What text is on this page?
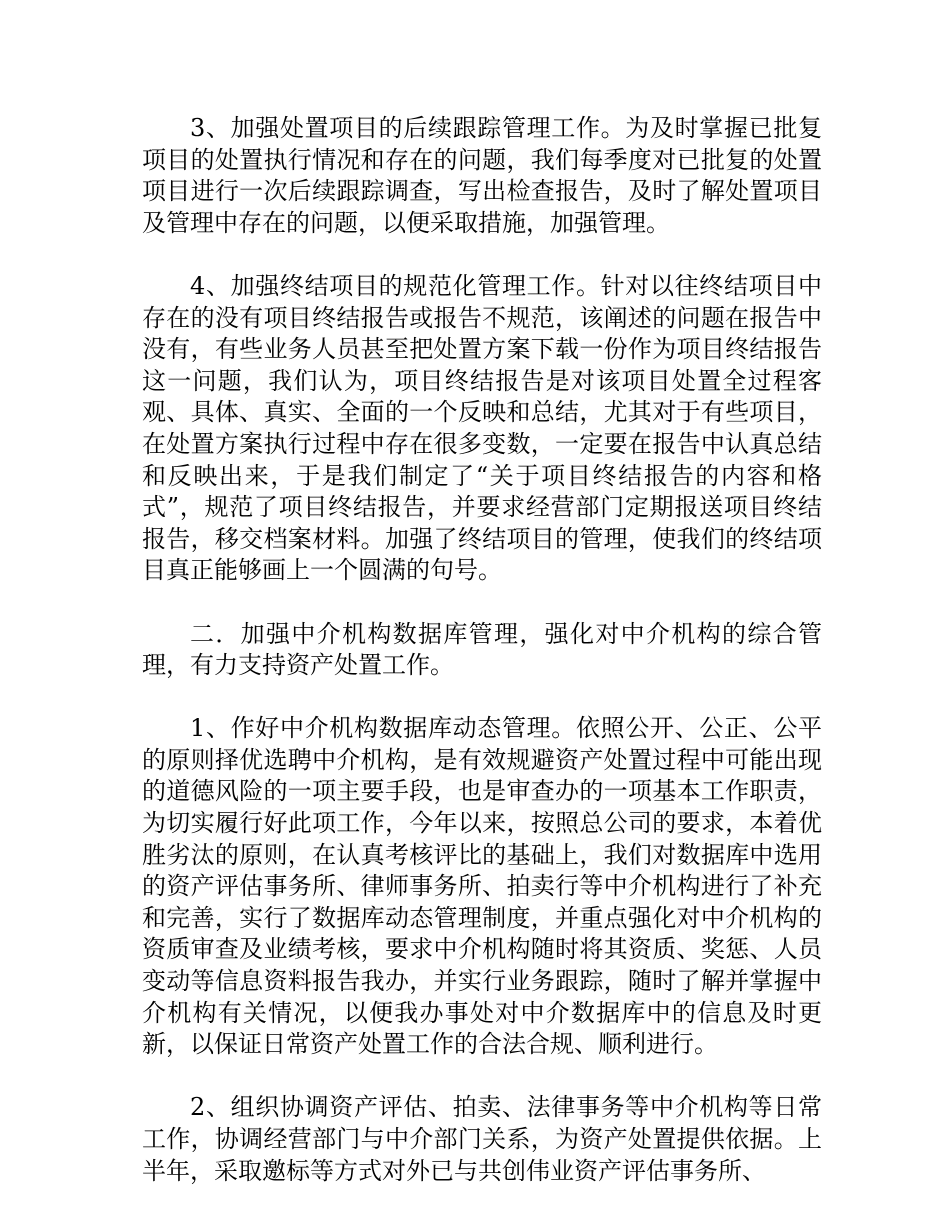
3、加强处置项目的后续跟踪管理工作。为及时掌握已批复项目的处置执行情况和存在的问题，我们每季度对已批复的处置项目进行一次后续跟踪调查，写出检查报告，及时了解处置项目及管理中存在的问题，以便采取措施，加强管理。

4、加强终结项目的规范化管理工作。针对以往终结项目中存在的没有项目终结报告或报告不规范，该阐述的问题在报告中没有，有些业务人员甚至把处置方案下载一份作为项目终结报告这一问题，我们认为，项目终结报告是对该项目处置全过程客观、具体、真实、全面的一个反映和总结，尤其对于有些项目，在处置方案执行过程中存在很多变数，一定要在报告中认真总结和反映出来，于是我们制定了“关于项目终结报告的内容和格式”，规范了项目终结报告，并要求经营部门定期报送项目终结报告，移交档案材料。加强了终结项目的管理，使我们的终结项目真正能够画上一个圆满的句号。

二．加强中介机构数据库管理，强化对中介机构的综合管理，有力支持资产处置工作。

1、作好中介机构数据库动态管理。依照公开、公正、公平的原则择优选聘中介机构，是有效规避资产处置过程中可能出现的道德风险的一项主要手段，也是审查办的一项基本工作职责，为切实履行好此项工作，今年以来，按照总公司的要求，本着优胜劣汰的原则，在认真考核评比的基础上，我们对数据库中选用的资产评估事务所、律师事务所、拍卖行等中介机构进行了补充和完善，实行了数据库动态管理制度，并重点强化对中介机构的资质审查及业绩考核，要求中介机构随时将其资质、奖惩、人员变动等信息资料报告我办，并实行业务跟踪，随时了解并掌握中介机构有关情况，以便我办事处对中介数据库中的信息及时更新，以保证日常资产处置工作的合法合规、顺利进行。

2、组织协调资产评估、拍卖、法律事务等中介机构等日常工作，协调经营部门与中介部门关系，为资产处置提供依据。上半年，采取邀标等方式对外已与共创伟业资产评估事务所、
